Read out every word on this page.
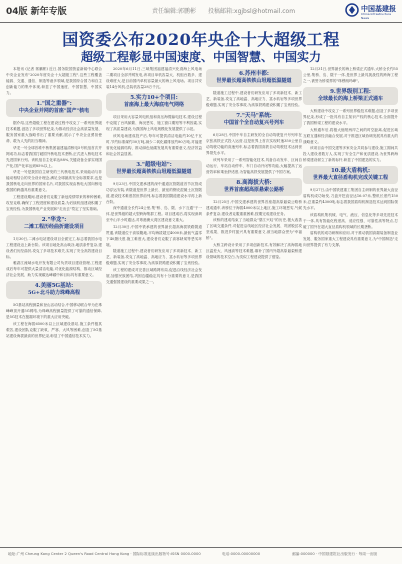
04版 新年专版	责任编辑:郭鹏彬 投稿邮箱:xgjbsl@hotmail.com	中国基建报
China Infrastructure News
国资委公布2020年央企十大超级工程
超级工程彰显中国速度、中国智慧、中国实力

本报讯 (记者 郭鹏彬) 近日,国务院国资委新闻中心联合中央企业发布"2020年度央企十大超级工程",这些工程覆盖能源、交通、通信、制造等诸多领域,是我国综合国力和自主创新能力的集中体现,彰显了中国速度、中国智慧、中国实力。

1."国之重器":
中央企业并网的首座"国产"核电

据介绍,这些超级工程在建设过程中攻克了一系列世界级技术难题,创造了多项世界纪录,为推动经济社会高质量发展、服务国家重大战略作出了重要贡献,展示了中央企业勇担使命、敢为人先的担当精神。

华龙一号全球首堆中核集团福建福清核电5号机组首次并网成功,标志着我国打破国外核电技术垄断,正式进入核电技术先进国家行列。该机组自主化率达88%,关键设备全部实现国产化,国产化率达到85%以上。

华龙一号是我国自主研发的三代核电技术,采用能动与非能动相结合的安全设计理念,满足全球最高安全标准要求,也是我国核电走向世界的国家名片,对我国实现由核电大国向核电强国的跨越具有重要意义。

工程建设期间,建设者们克服了新冠疫情带来的种种困难,攻坚克难,确保了工程进度和建设质量,为后续机组建设积累了宝贵经验,为我国核电产业发展和"走出去"奠定了坚实基础。

2."华龙":
二滩工程历经曲折建设项目

1月30日,二滩水电站建设项目全面完工,标志着我国水电工程建设迈上新台阶。该项目地处高山峡谷,地质条件复杂,建设者们历经曲折,攻克了多项技术难关,实现了安全高效建设目标。

雅砻江流域水电开发有限公司负责项目建设管理,工程建成后每年可提供大量清洁电能,对优化能源结构、推动区域经济社会发展、助力实现碳达峰碳中和目标具有重要意义。

4.美丽5G基站:
5G+北斗助力珠峰高程

5G基站高程测量和登山活动结合,中国移动联合华为在珠峰峰顶开通5G网络,为珠峰高程测量提供了可靠的通信保障,是5G技术在极端环境下的重大应用突破。

该工程在海拔6500米以上区域建设基站,施工条件极其艰苦,建设团队克服了缺氧、严寒、大风等困难,创造了5G基站建设海拔最高的世界纪录,彰显了中国通信技术实力。

2020年6月11日,三峡集团福建福清兴化湾海上风电场二期项目全部并网发电,该项目单机容量大、机组台数多、建设难度大,是目前国内单机容量最大的海上风电场。项目共安装14台风机,总装机容量28万千瓦。

5.实力10+个项目:
首座海上最大海底电气网络

项目采用大容量风电机组和高压海缆输电技术,建设过程中克服了台风频繁、海况恶劣、施工窗口期短等不利因素,实现了高质量建设,为我国海上风电规模化发展提供了示范。

该风电场建成投产后,每年可提供清洁电能约10亿千瓦时,节约标准煤约30万吨,减少二氧化碳排放约80万吨,对福建省优化能源结构、推动绿色低碳发展具有重要意义,经济效益和社会效益显著。

3."超级电站":
世界最长超高铁铁山坦超低温隧道

9月23日,中国交建承建的深中通道沉管隧道首节沉管成功浮运安装,该隧道是世界上最长、最宽的钢壳混凝土沉管隧道,建设技术难度居世界前列,标志着我国隧道建设水平再上新台阶。

深中通道全长约24公里,集"桥、岛、隧、水下互通"于一体,是世界级的超大型跨海集群工程。项目建成后,将实现深圳至中山半小时通达,对粤港澳大湾区建设意义重大。

12月30日,中国中铁承建的世界最长超高海拔铁路隧道贯通,该隧道位于高原腹地,平均海拔超过4000米,最低气温零下40摄氏度,施工难度大,建设者们克服了高寒缺氧等恶劣环境。

隧道施工过程中,建设者们研发应用了多项新技术、新工艺、新装备,攻克了高地温、高地应力、富水软岩等多项世界级难题,实现了安全零事故,为高原铁路建设积累了宝贵经验。

该工程的建成对完善区域路网布局,促进沿线经济社会发展,加强民族团结,巩固边疆稳定具有十分重要的意义,是我国交通强国建设的重要成果之一。

6.苏州丰都:
世界最长超高铁铁山坦超低温隧道

隧道施工过程中,建设者们研发应用了多项新技术、新工艺、新装备,攻克了高地温、高地应力、富水软岩等多项世界级难题,实现了安全零事故,为高原铁路建设积累了宝贵经验。

7."天马"系统:
中国首个全自动复兴号列车

6月28日,中国中车自主研发的全自动驾驶复兴号列车在京张高铁正式投入运营,这是世界上首次实现时速350公里自动驾驶功能的高速列车,标志着我国高铁自动驾驶技术达到世界领先水平。

该列车采用了一系列智能化技术,具备自动发车、区间自动运行、车站自动停车、车门自动开闭等功能,大幅提高了运营效率和乘坐舒适度,为智能高铁发展提供了中国方案。

8.高海拔大桥:
世界首座超高原悬索公路桥

12月25日,中国交建承建的世界首座超高原悬索公路桥建成通车,该桥位于海拔4000米以上地区,施工环境恶劣,气候条件复杂,建设者克服重重困难,按期完成建设任务。

该桥的建成结束了当地群众"望江兴叹"的历史,极大改善了区域交通条件,对促进沿线地区经济社会发展、巩固脱贫攻坚成果、推进乡村振兴具有重要意义,被当地群众誉为"幸福桥"。

大桥主跨设计采用了多项创新技术,有效解决了高海拔地区温差大、风速高等技术难题,填补了国内外超高原悬索桥建设领域的技术空白,为类似工程建设提供了借鉴。

12月31日,世界最长的海上桥梁正式通车,大桥全长约55公里,集桥、岛、隧于一体,是世界上最具挑战性的跨海工程之一,被誉为桥梁界的"珠穆朗玛峰"。

9.世界级别工程:
全球最长的海上桥梁正式通车

大桥建设中攻克了一系列世界级技术难题,创造了多项世界纪录,形成了一批具有自主知识产权的核心技术,全面提升了我国桥梁工程的建设水平。

大桥通车后,将极大缩短两岸之间的时空距离,促进区域互联互通和经济融合发展,对于推进区域协调发展具有重大的战略意义。

该项目由中国交建等多家央企共同参与建设,施工期间共投入建设者数万人,实现了安全生产和优质建设,为世界跨海桥梁建设树立了新的标杆,彰显了中国建造的实力。

10.最大盾构机:
世界最大直径盾构机完成关键工程

9月27日,由中国铁建重工集团自主研制的世界最大直径盾构机成功始发,刀盘开挖直径达16.07米,整机长度约150米,总重量约4300吨,标志着我国盾构机制造技术达到国际领先水平。

该盾构机集机械、电气、液压、信息化等多项先进技术于一体,具有智能化程度高、适应性强、可靠性高等特点,打破了国外在超大直径盾构机领域的长期垄断。

盾构机的成功研制和应用,对于推动我国高端装备制造业发展、服务国家重大工程建设具有重要意义,为"中国制造"走向世界提供了有力支撑。

地址:广州 Cheung Kong Center 2 Queen's Road Central Hong Kong · 国际标准连续出版物号:ISSN 0000-0000	电话:0000-00000000	邮编:000000 · 中国基建报社出版发行 · 每周一出版
